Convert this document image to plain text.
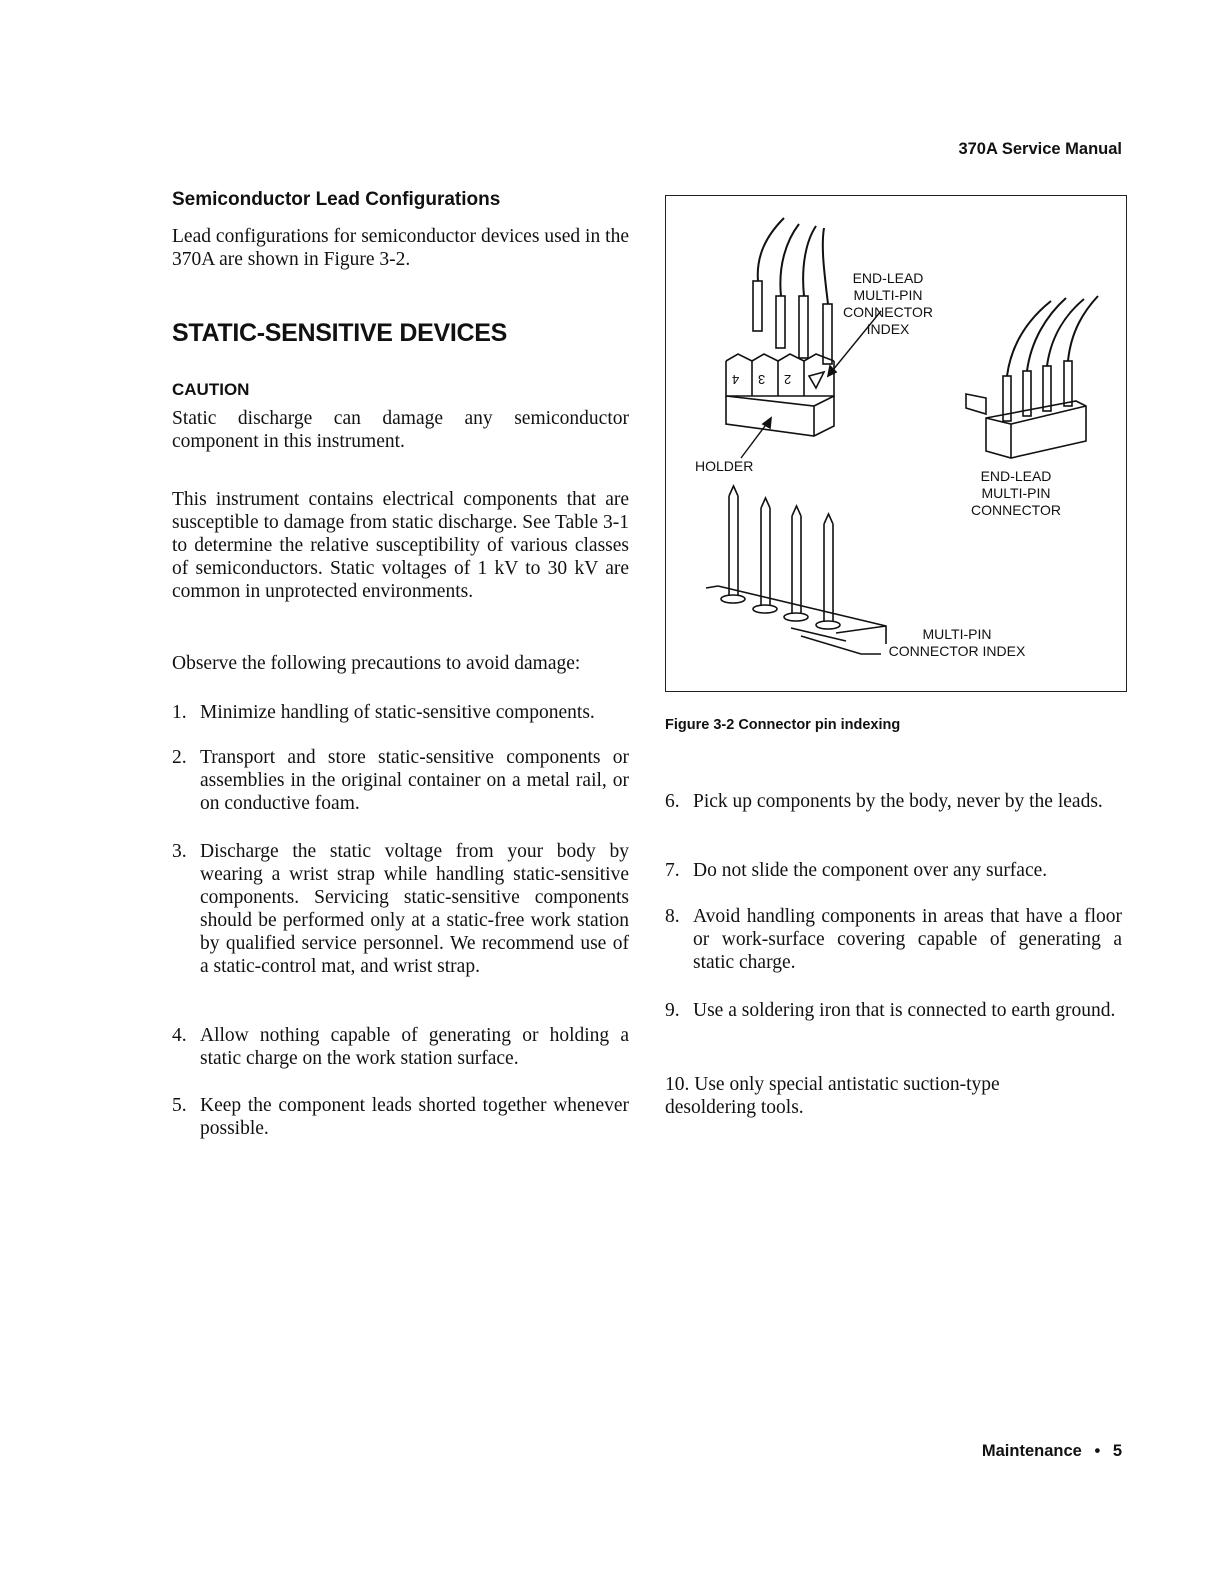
370A Service Manual
Semiconductor Lead Configurations
Lead configurations for semiconductor devices used in the 370A are shown in Figure 3-2.
STATIC-SENSITIVE DEVICES
CAUTION
Static discharge can damage any semiconductor component in this instrument.
This instrument contains electrical components that are susceptible to damage from static discharge. See Table 3-1 to determine the relative susceptibility of various classes of semiconductors. Static voltages of 1 kV to 30 kV are common in unprotected environments.
Observe the following precautions to avoid damage:
1. Minimize handling of static-sensitive components.
2. Transport and store static-sensitive components or assemblies in the original container on a metal rail, or on conductive foam.
3. Discharge the static voltage from your body by wearing a wrist strap while handling static-sensitive components. Servicing static-sensitive components should be performed only at a static-free work station by qualified service personnel. We recommend use of a static-control mat, and wrist strap.
4. Allow nothing capable of generating or holding a static charge on the work station surface.
5. Keep the component leads shorted together whenever possible.
4 3 2
END-LEAD
MULTI-PIN
CONNECTOR
INDEX
HOLDER
END-LEAD
MULTI-PIN
CONNECTOR
MULTI-PIN
CONNECTOR INDEX
Figure 3-2 Connector pin indexing
6. Pick up components by the body, never by the leads.
7. Do not slide the component over any surface.
8. Avoid handling components in areas that have a floor or work-surface covering capable of generating a static charge.
9. Use a soldering iron that is connected to earth ground.
10. Use only special antistatic suction-type desoldering tools.
Maintenance • 5
